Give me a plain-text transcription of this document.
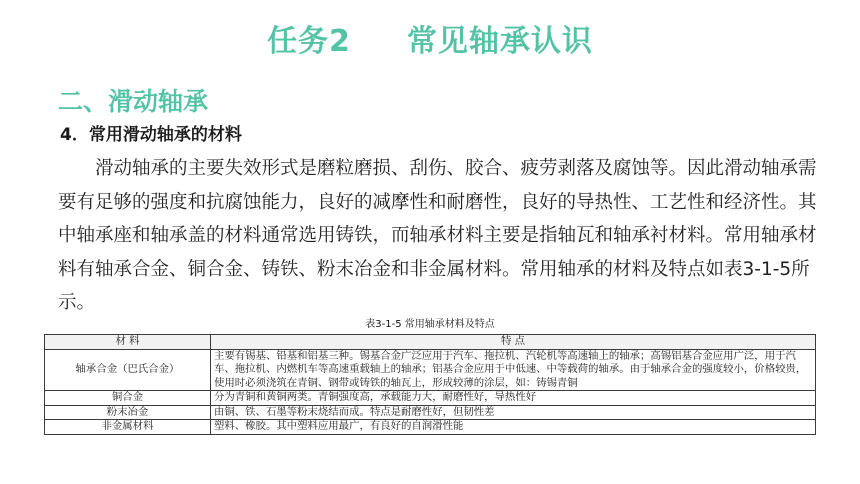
任务2 常见轴承认识
二、滑动轴承
4．常用滑动轴承的材料

滑动轴承的主要失效形式是磨粒磨损、刮伤、胶合、疲劳剥落及腐蚀等。因此滑动轴承需要有足够的强度和抗腐蚀能力，良好的减摩性和耐磨性，良好的导热性、工艺性和经济性。其中轴承座和轴承盖的材料通常选用铸铁，而轴承材料主要是指轴瓦和轴承衬材料。常用轴承材料有轴承合金、铜合金、铸铁、粉末冶金和非金属材料。常用轴承的材料及特点如表3-1-5所示。

表3-1-5 常用轴承材料及特点
材 料	特 点
轴承合金（巴氏合金）	主要有锡基、铅基和铝基三种。锡基合金广泛应用于汽车、拖拉机、汽轮机等高速轴上的轴承；高锡铝基合金应用广泛，用于汽车、拖拉机、内燃机车等高速重载轴上的轴承；铝基合金应用于中低速、中等载荷的轴承。由于轴承合金的强度较小，价格较贵，使用时必须浇筑在青铜、钢带或铸铁的轴瓦上，形成较薄的涂层，如：铸锡青铜
铜合金	分为青铜和黄铜两类。青铜强度高，承载能力大，耐磨性好，导热性好
粉末冶金	由铜、铁、石墨等粉末烧结而成。特点是耐磨性好，但韧性差
非金属材料	塑料、橡胶。其中塑料应用最广，有良好的自润滑性能
